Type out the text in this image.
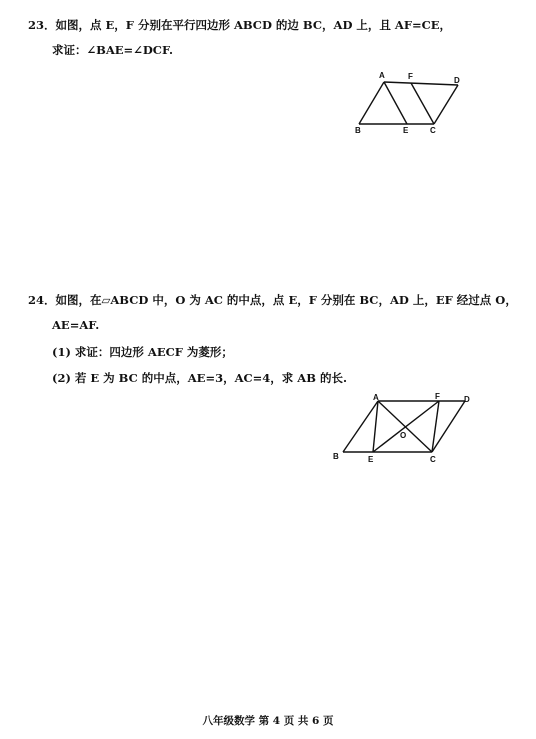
23．如图，点 E，F 分别在平行四边形 ABCD 的边 BC，AD 上，且 AF=CE，
求证：∠BAE=∠DCF.
A	F	D
B	E	C
24．如图，在▱ABCD 中，O 为 AC 的中点，点 E，F 分别在 BC，AD 上，EF 经过点 O，
AE=AF.
(1) 求证：四边形 AECF 为菱形；
(2) 若 E 为 BC 的中点，AE=3，AC=4，求 AB 的长.
A	F	D
O
B	E	C
八年级数学 第 4 页 共 6 页
